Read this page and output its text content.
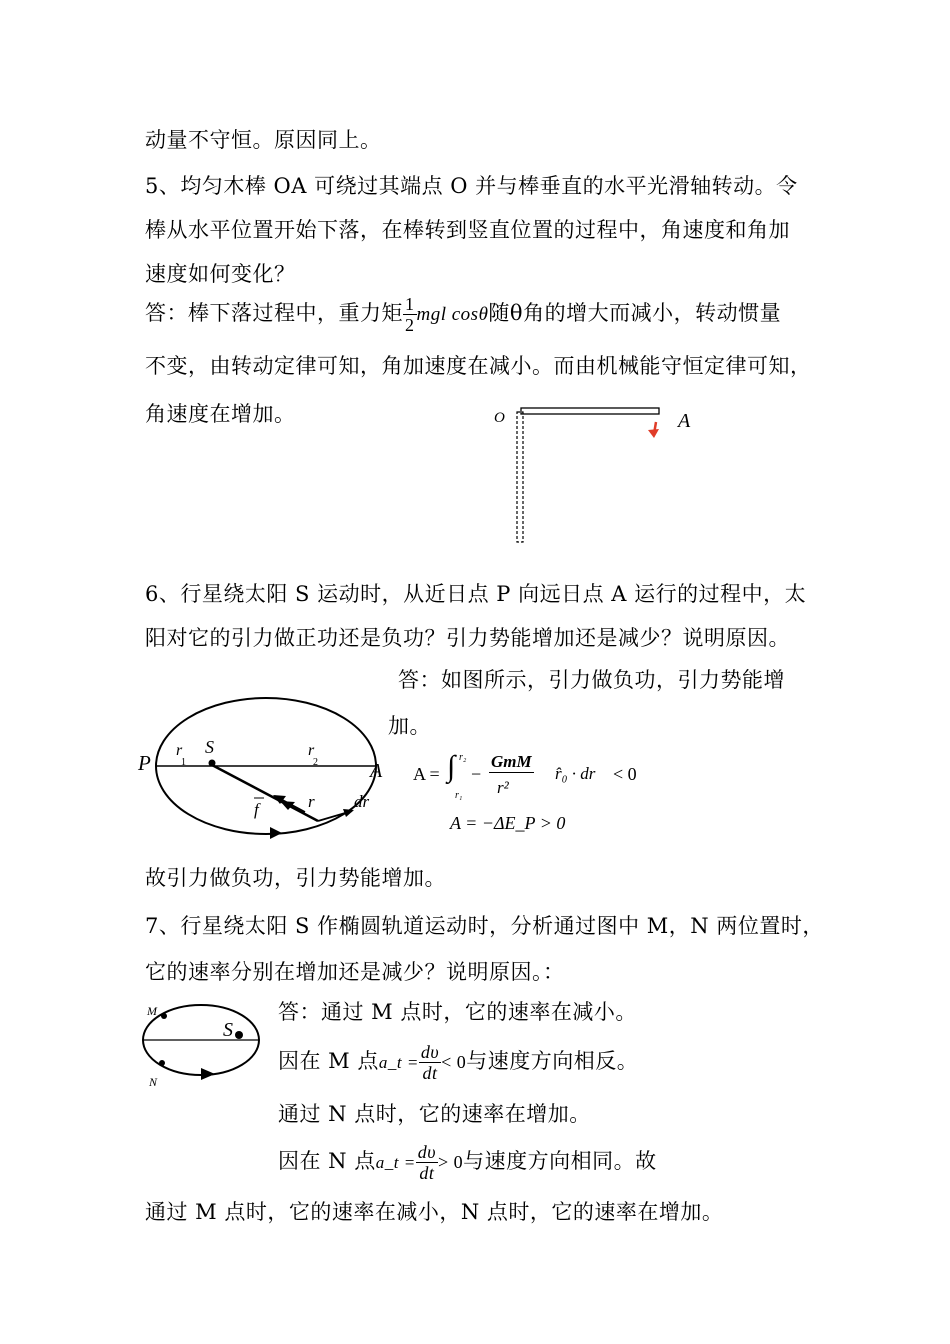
动量不守恒。原因同上。
5、均匀木棒 OA 可绕过其端点 O 并与棒垂直的水平光滑轴转动。令
棒从水平位置开始下落，在棒转到竖直位置的过程中，角速度和角加
速度如何变化？
答：棒下落过程中，重力矩 $\frac{1}{2}$ mgl cosθ随θ角的增大而减小，转动惯量
不变，由转动定律可知，角加速度在减小。而由机械能守恒定律可知，
角速度在增加。	O	A
6、行星绕太阳 S 运动时，从近日点 P 向远日点 A 运行的过程中，太
阳对它的引力做正功还是负功？引力势能增加还是减少？说明原因。
答：如图所示，引力做负功，引力势能增
加。
P	A
r
1
S	r
2
f	r dr
A = ∫ r₂
r₁
−
GmM
r²
r̂₀ · dr⃗ < 0
A = −ΔE_P > 0
故引力做负功，引力势能增加。
7、行星绕太阳 S 作椭圆轨道运动时，分析通过图中 M，N 两位置时，
它的速率分别在增加还是减少？说明原因。：
M
N
S
答：通过 M 点时，它的速率在减小。
因在 M 点a_t = $\frac{d\upsilon}{dt} < 0$与速度方向相反。
通过 N 点时，它的速率在增加。
因在 N 点a_t = $\frac{d\upsilon}{dt} > 0$与速度方向相同。故
通过 M 点时，它的速率在减小，N 点时，它的速率在增加。
